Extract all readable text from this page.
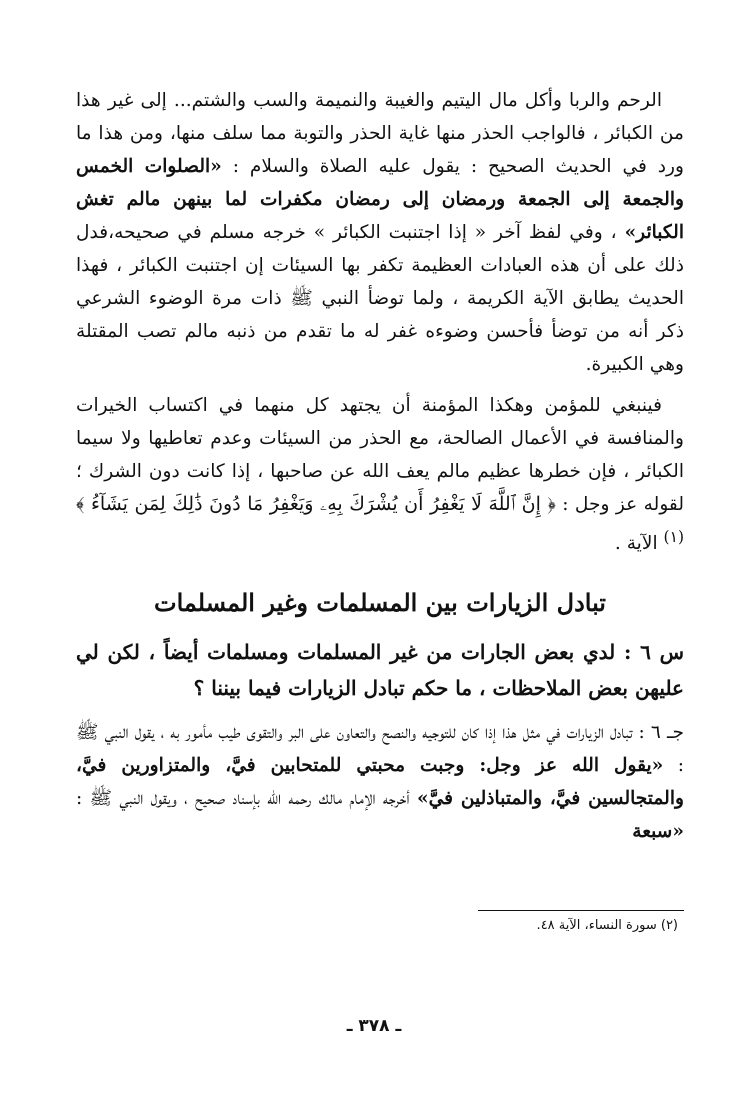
الرحم والربا وأكل مال اليتيم والغيبة والنميمة والسب والشتم... إلى غير هذا من الكبائر ، فالواجب الحذر منها غاية الحذر والتوبة مما سلف منها، ومن هذا ما ورد في الحديث الصحيح : يقول عليه الصلاة والسلام : «الصلوات الخمس والجمعة إلى الجمعة ورمضان إلى رمضان مكفرات لما بينهن مالم تغش الكبائر» ، وفي لفظ آخر « إذا اجتنبت الكبائر » خرجه مسلم في صحيحه،فدل ذلك على أن هذه العبادات العظيمة تكفر بها السيئات إن اجتنبت الكبائر ، فهذا الحديث يطابق الآية الكريمة ، ولما توضأ النبي ﷺ ذات مرة الوضوء الشرعي ذكر أنه من توضأ فأحسن وضوءه غفر له ما تقدم من ذنبه مالم تصب المقتلة وهي الكبيرة.

فينبغي للمؤمن وهكذا المؤمنة أن يجتهد كل منهما في اكتساب الخيرات والمنافسة في الأعمال الصالحة، مع الحذر من السيئات وعدم تعاطيها ولا سيما الكبائر ، فإن خطرها عظيم مالم يعف الله عن صاحبها ، إذا كانت دون الشرك ؛ لقوله عز وجل : ﴿ إِنَّ ٱللَّهَ لَا يَغْفِرُ أَن يُشْرَكَ بِهِۦ وَيَغْفِرُ مَا دُونَ ذَٰلِكَ لِمَن يَشَآءُ ﴾$^{(١)}$ الآية .

تبادل الزيارات بين المسلمات وغير المسلمات

س ٦ : لدي بعض الجارات من غير المسلمات ومسلمات أيضاً ، لكن لي عليهن بعض الملاحظات ، ما حكم تبادل الزيارات فيما بيننا ؟

جـ ٦ : تبادل الزيارات في مثل هذا إذا كان للتوجيه والنصح والتعاون على البر والتقوى طيب مأمور به ، يقول النبي ﷺ : «يقول الله عز وجل: وجبت محبتي للمتحابين فيَّ، والمتزاورين فيَّ، والمتجالسين فيَّ، والمتباذلين فيَّ» أخرجه الإمام مالك رحمه الله بإسناد صحيح ، ويقول النبي ﷺ : «سبعة

(٢) سورة النساء، الآية ٤٨.
ـ ٣٧٨ ـ
